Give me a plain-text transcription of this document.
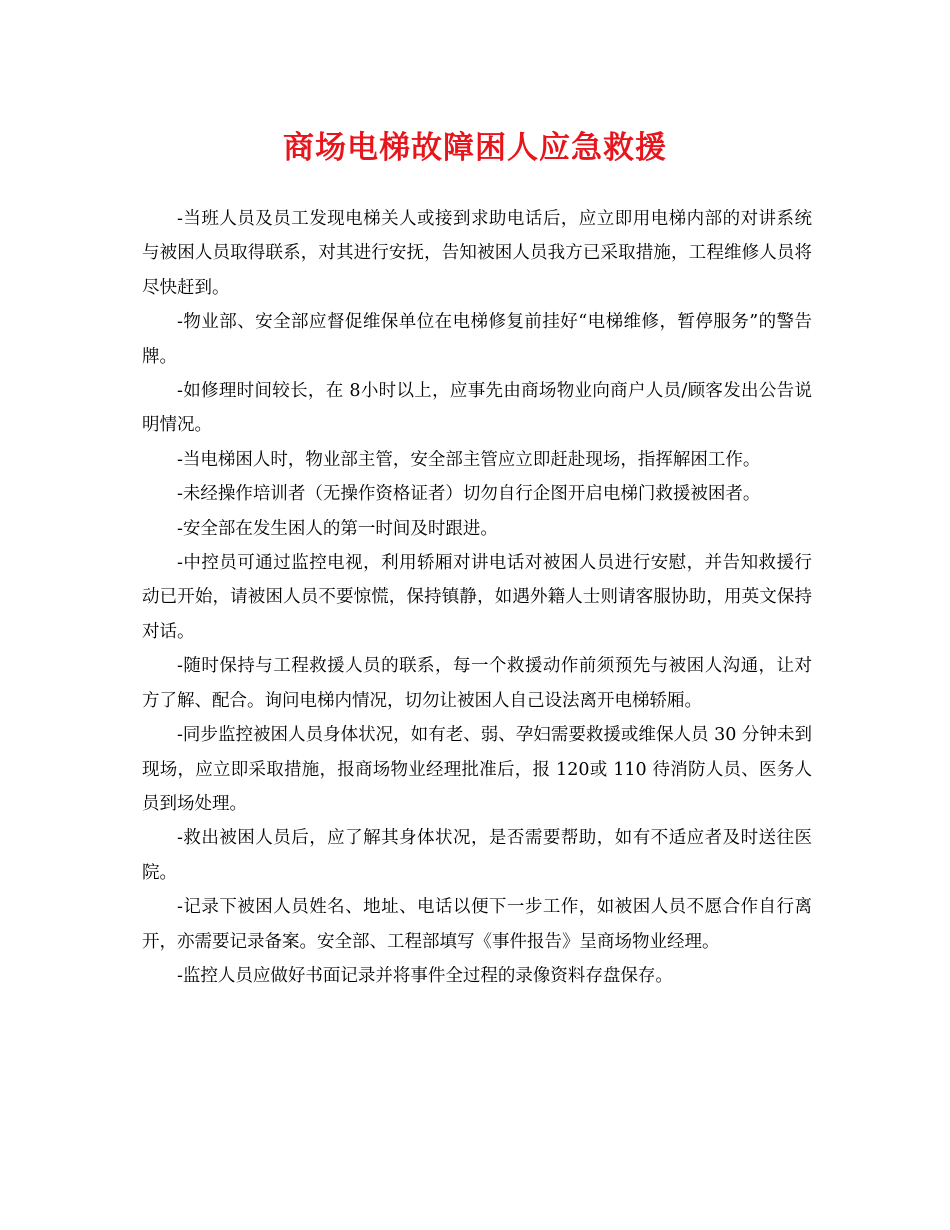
商场电梯故障困人应急救援

-当班人员及员工发现电梯关人或接到求助电话后，应立即用电梯内部的对讲系统与被困人员取得联系，对其进行安抚，告知被困人员我方已采取措施，工程维修人员将尽快赶到。

-物业部、安全部应督促维保单位在电梯修复前挂好“电梯维修，暂停服务”的警告牌。

-如修理时间较长，在 8小时以上，应事先由商场物业向商户人员/顾客发出公告说明情况。

-当电梯困人时，物业部主管，安全部主管应立即赶赴现场，指挥解困工作。

-未经操作培训者（无操作资格证者）切勿自行企图开启电梯门救援被困者。

-安全部在发生困人的第一时间及时跟进。

-中控员可通过监控电视，利用轿厢对讲电话对被困人员进行安慰，并告知救援行动已开始，请被困人员不要惊慌，保持镇静，如遇外籍人士则请客服协助，用英文保持对话。

-随时保持与工程救援人员的联系，每一个救援动作前须预先与被困人沟通，让对方了解、配合。询问电梯内情况，切勿让被困人自己设法离开电梯轿厢。

-同步监控被困人员身体状况，如有老、弱、孕妇需要救援或维保人员 30 分钟未到现场，应立即采取措施，报商场物业经理批准后，报 120或 110 待消防人员、医务人员到场处理。

-救出被困人员后，应了解其身体状况，是否需要帮助，如有不适应者及时送往医院。

-记录下被困人员姓名、地址、电话以便下一步工作，如被困人员不愿合作自行离开，亦需要记录备案。安全部、工程部填写《事件报告》呈商场物业经理。

-监控人员应做好书面记录并将事件全过程的录像资料存盘保存。
